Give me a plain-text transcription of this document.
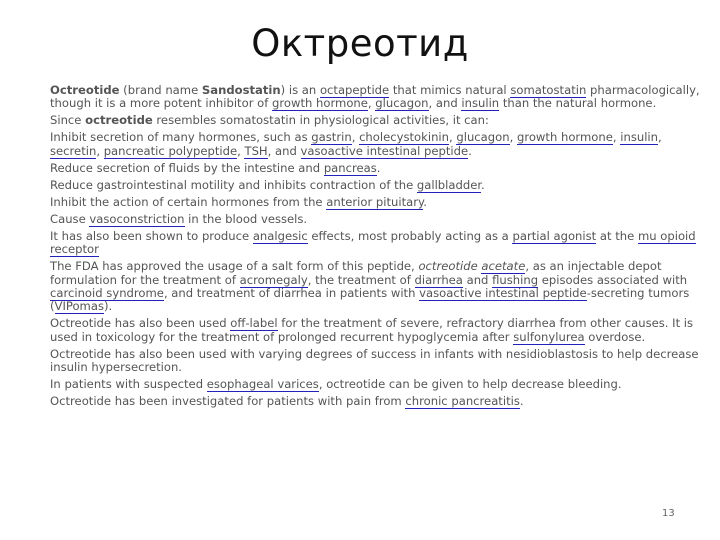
Октреотид
Octreotide (brand name Sandostatin) is an octapeptide that mimics natural somatostatin pharmacologically, though it is a more potent inhibitor of growth hormone, glucagon, and insulin than the natural hormone.
Since octreotide resembles somatostatin in physiological activities, it can:
Inhibit secretion of many hormones, such as gastrin, cholecystokinin, glucagon, growth hormone, insulin, secretin, pancreatic polypeptide, TSH, and vasoactive intestinal peptide.
Reduce secretion of fluids by the intestine and pancreas.
Reduce gastrointestinal motility and inhibits contraction of the gallbladder.
Inhibit the action of certain hormones from the anterior pituitary.
Cause vasoconstriction in the blood vessels.
It has also been shown to produce analgesic effects, most probably acting as a partial agonist at the mu opioid receptor
The FDA has approved the usage of a salt form of this peptide, octreotide acetate, as an injectable depot formulation for the treatment of acromegaly, the treatment of diarrhea and flushing episodes associated with carcinoid syndrome, and treatment of diarrhea in patients with vasoactive intestinal peptide-secreting tumors (VIPomas).
Octreotide has also been used off-label for the treatment of severe, refractory diarrhea from other causes. It is used in toxicology for the treatment of prolonged recurrent hypoglycemia after sulfonylurea overdose.
Octreotide has also been used with varying degrees of success in infants with nesidioblastosis to help decrease insulin hypersecretion.
In patients with suspected esophageal varices, octreotide can be given to help decrease bleeding.
Octreotide has been investigated for patients with pain from chronic pancreatitis.
13
